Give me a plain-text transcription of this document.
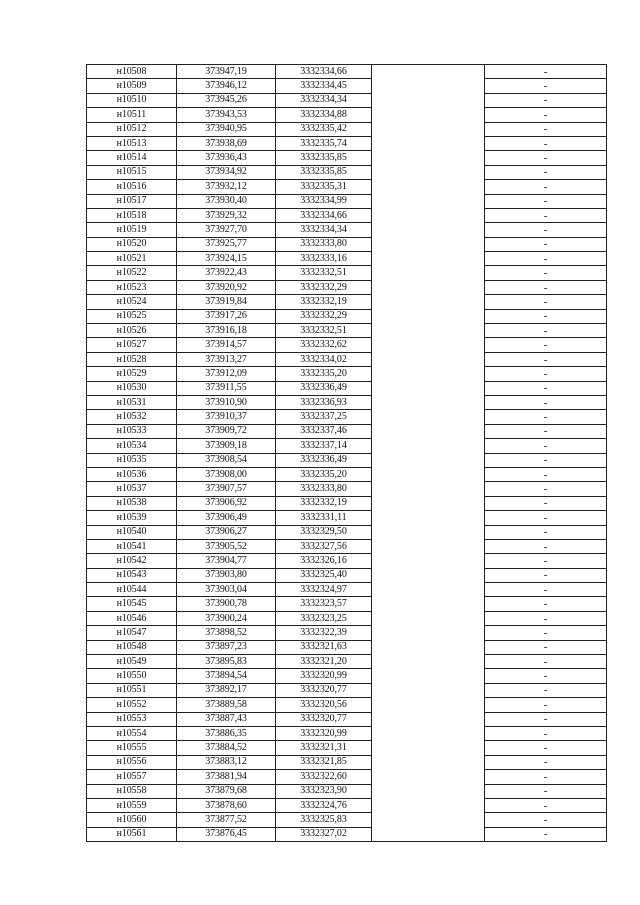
н10508	373947,19	3332334,66		-
н10509	373946,12	3332334,45		-
н10510	373945,26	3332334,34		-
н10511	373943,53	3332334,88		-
н10512	373940,95	3332335,42		-
н10513	373938,69	3332335,74		-
н10514	373936,43	3332335,85		-
н10515	373934,92	3332335,85		-
н10516	373932,12	3332335,31		-
н10517	373930,40	3332334,99		-
н10518	373929,32	3332334,66		-
н10519	373927,70	3332334,34		-
н10520	373925,77	3332333,80		-
н10521	373924,15	3332333,16		-
н10522	373922,43	3332332,51		-
н10523	373920,92	3332332,29		-
н10524	373919,84	3332332,19		-
н10525	373917,26	3332332,29		-
н10526	373916,18	3332332,51		-
н10527	373914,57	3332332,62		-
н10528	373913,27	3332334,02		-
н10529	373912,09	3332335,20		-
н10530	373911,55	3332336,49		-
н10531	373910,90	3332336,93		-
н10532	373910,37	3332337,25		-
н10533	373909,72	3332337,46		-
н10534	373909,18	3332337,14		-
н10535	373908,54	3332336,49		-
н10536	373908,00	3332335,20		-
н10537	373907,57	3332333,80		-
н10538	373906,92	3332332,19		-
н10539	373906,49	3332331,11		-
н10540	373906,27	3332329,50		-
н10541	373905,52	3332327,56		-
н10542	373904,77	3332326,16		-
н10543	373903,80	3332325,40		-
н10544	373903,04	3332324,97		-
н10545	373900,78	3332323,57		-
н10546	373900,24	3332323,25		-
н10547	373898,52	3332322,39		-
н10548	373897,23	3332321,63		-
н10549	373895,83	3332321,20		-
н10550	373894,54	3332320,99		-
н10551	373892,17	3332320,77		-
н10552	373889,58	3332320,56		-
н10553	373887,43	3332320,77		-
н10554	373886,35	3332320,99		-
н10555	373884,52	3332321,31		-
н10556	373883,12	3332321,85		-
н10557	373881,94	3332322,60		-
н10558	373879,68	3332323,90		-
н10559	373878,60	3332324,76		-
н10560	373877,52	3332325,83		-
н10561	373876,45	3332327,02		-
